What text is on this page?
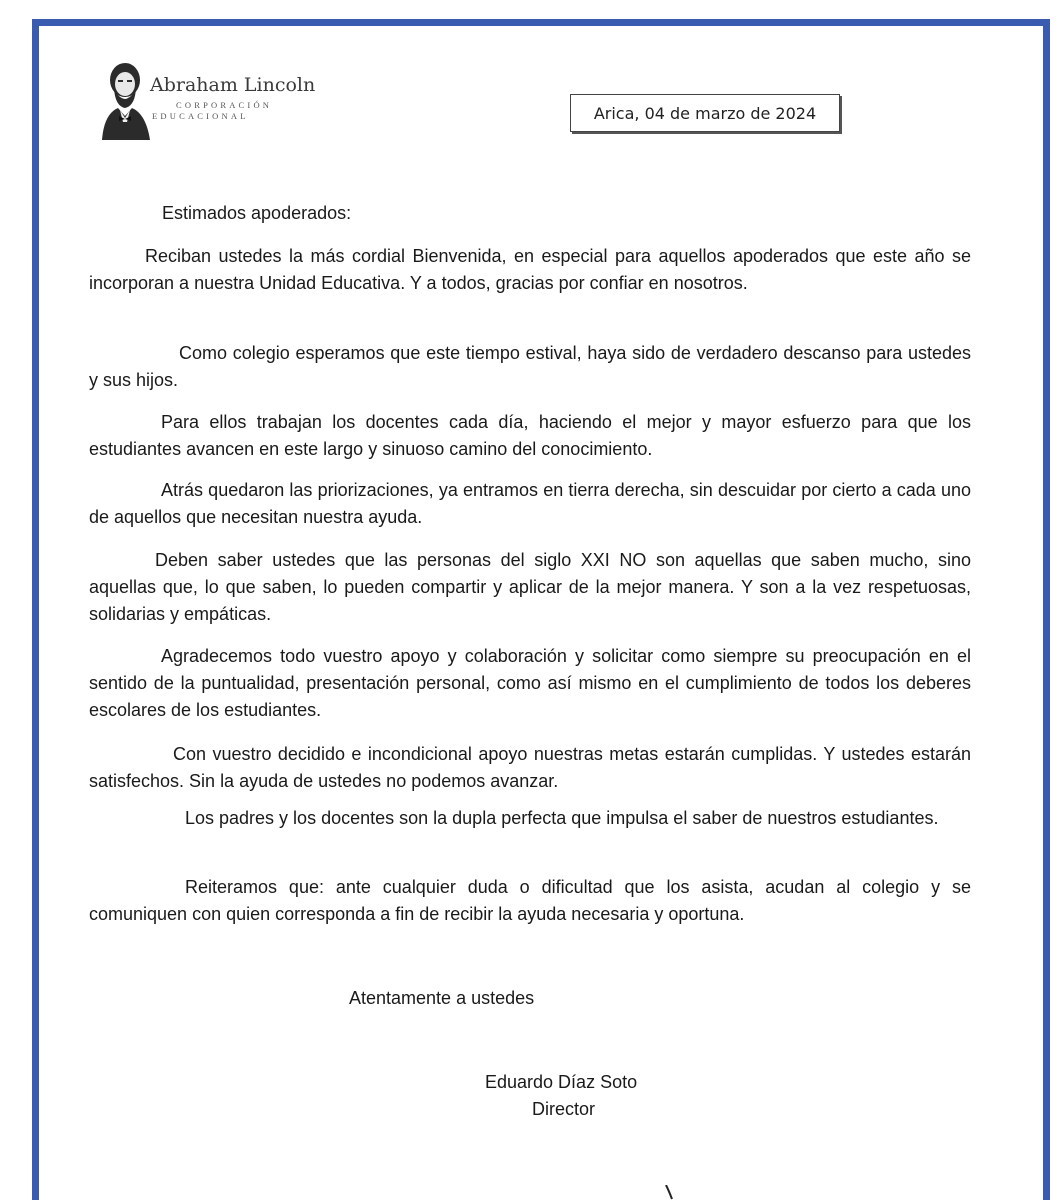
Abraham Lincoln
CORPORACIÓN
EDUCACIONAL	Arica, 04 de marzo de 2024

Estimados apoderados:

Reciban ustedes la más cordial Bienvenida, en especial para aquellos apoderados que este año se incorporan a nuestra Unidad Educativa. Y a todos, gracias por confiar en nosotros.

Como colegio esperamos que este tiempo estival, haya sido de verdadero descanso para ustedes y sus hijos.

Para ellos trabajan los docentes cada día, haciendo el mejor y mayor esfuerzo para que los estudiantes avancen en este largo y sinuoso camino del conocimiento.

Atrás quedaron las priorizaciones, ya entramos en tierra derecha, sin descuidar por cierto a cada uno de aquellos que necesitan nuestra ayuda.

Deben saber ustedes que las personas del siglo XXI NO son aquellas que saben mucho, sino aquellas que, lo que saben, lo pueden compartir y aplicar de la mejor manera. Y son a la vez respetuosas, solidarias y empáticas.

Agradecemos todo vuestro apoyo y colaboración y solicitar como siempre su preocupación en el sentido de la puntualidad, presentación personal, como así mismo en el cumplimiento de todos los deberes escolares de los estudiantes.

Con vuestro decidido e incondicional apoyo nuestras metas estarán cumplidas. Y ustedes estarán satisfechos. Sin la ayuda de ustedes no podemos avanzar.

Los padres y los docentes son la dupla perfecta que impulsa el saber de nuestros estudiantes.

Reiteramos que: ante cualquier duda o dificultad que los asista, acudan al colegio y se comuniquen con quien corresponda a fin de recibir la ayuda necesaria y oportuna.

Atentamente a ustedes
Eduardo Díaz Soto
Director
